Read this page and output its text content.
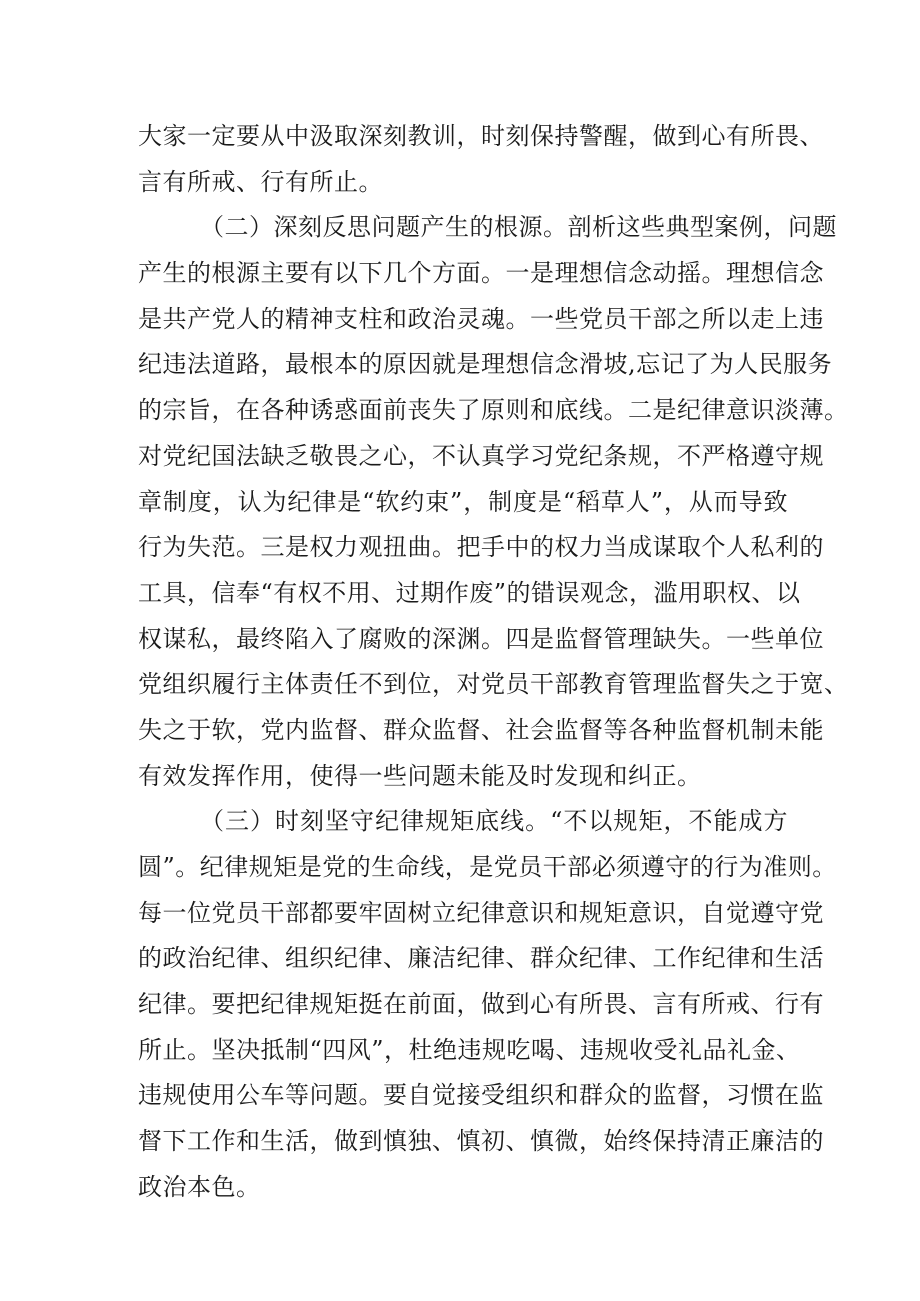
大家一定要从中汲取深刻教训，时刻保持警醒，做到心有所畏、
言有所戒、行有所止。
（二）深刻反思问题产生的根源。剖析这些典型案例，问题
产生的根源主要有以下几个方面。一是理想信念动摇。理想信念
是共产党人的精神支柱和政治灵魂。一些党员干部之所以走上违
纪违法道路，最根本的原因就是理想信念滑坡,忘记了为人民服务
的宗旨，在各种诱惑面前丧失了原则和底线。二是纪律意识淡薄。
对党纪国法缺乏敬畏之心，不认真学习党纪条规，不严格遵守规
章制度，认为纪律是“软约束”，制度是“稻草人”，从而导致
行为失范。三是权力观扭曲。把手中的权力当成谋取个人私利的
工具，信奉“有权不用、过期作废”的错误观念，滥用职权、以
权谋私，最终陷入了腐败的深渊。四是监督管理缺失。一些单位
党组织履行主体责任不到位，对党员干部教育管理监督失之于宽、
失之于软，党内监督、群众监督、社会监督等各种监督机制未能
有效发挥作用，使得一些问题未能及时发现和纠正。
（三）时刻坚守纪律规矩底线。“不以规矩，不能成方
圆”。纪律规矩是党的生命线，是党员干部必须遵守的行为准则。
每一位党员干部都要牢固树立纪律意识和规矩意识，自觉遵守党
的政治纪律、组织纪律、廉洁纪律、群众纪律、工作纪律和生活
纪律。要把纪律规矩挺在前面，做到心有所畏、言有所戒、行有
所止。坚决抵制“四风”，杜绝违规吃喝、违规收受礼品礼金、
违规使用公车等问题。要自觉接受组织和群众的监督，习惯在监
督下工作和生活，做到慎独、慎初、慎微，始终保持清正廉洁的
政治本色。
